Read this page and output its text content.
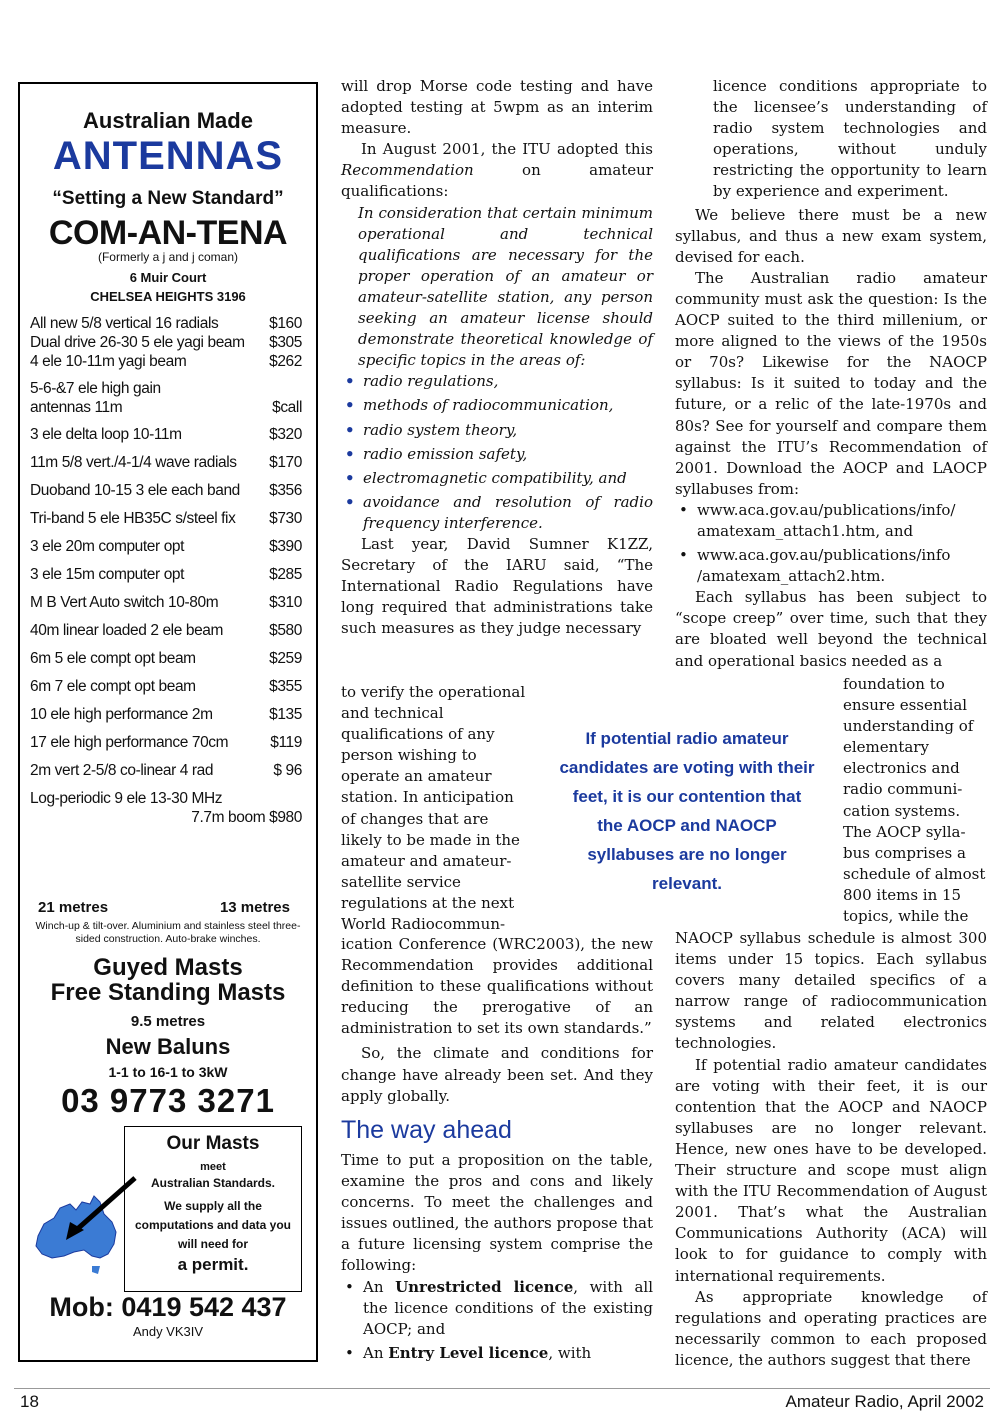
Australian Made
ANTENNAS
“Setting a New Standard”
COM-AN-TENA
(Formerly a j and j coman)
6 Muir Court
CHELSEA HEIGHTS 3196
All new 5/8 vertical 16 radials	$160
Dual drive 26-30 5 ele yagi beam	$305
4 ele 10-11m yagi beam	$262
5-6-&7 ele high gain antennas 11m	$call
3 ele delta loop 10-11m	$320
11m 5/8 vert./4-1/4 wave radials	$170
Duoband 10-15 3 ele each band	$356
Tri-band 5 ele HB35C s/steel fix	$730
3 ele 20m computer opt	$390
3 ele 15m computer opt	$285
M B Vert Auto switch 10-80m	$310
40m linear loaded 2 ele beam	$580
6m 5 ele compt opt beam	$259
6m 7 ele compt opt beam	$355
10 ele high performance 2m	$135
17 ele high performance 70cm	$119
2m vert 2-5/8 co-linear 4 rad	$ 96
Log-periodic 9 ele 13-30 MHz
7.7m boom $980
21 metres	13 metres
Winch-up & tilt-over. Aluminium and stainless steel three-sided construction. Auto-brake winches.
Guyed Masts
Free Standing Masts
9.5 metres
New Baluns
1-1 to 16-1 to 3kW
03 9773 3271
Our Masts
meet
Australian Standards.
We supply all the computations and data you will need for
a permit.
Mob: 0419 542 437
Andy VK3IV

will drop Morse code testing and have adopted testing at 5wpm as an interim measure.

In August 2001, the ITU adopted this Recommendation on amateur qualifications:

In consideration that certain minimum operational and technical qualifications are necessary for the proper operation of an amateur or amateur-satellite station, any person seeking an amateur license should demonstrate theoretical knowledge of specific topics in the areas of:

• radio regulations,
• methods of radiocommunication,
• radio system theory,
• radio emission safety,
• electromagnetic compatibility, and
• avoidance and resolution of radio frequency interference.

Last year, David Sumner K1ZZ, Secretary of the IARU said, “The International Radio Regulations have long required that administrations take such measures as they judge necessary

to verify the operational and technical qualifications of any person wishing to operate an amateur station. In anticipation of changes that are likely to be made in the amateur and amateur-satellite service regulations at the next World Radiocommun-

ication Conference (WRC2003), the new Recommendation provides additional definition to these qualifications without reducing the prerogative of an administration to set its own standards.”

So, the climate and conditions for change have already been set. And they apply globally.

The way ahead

Time to put a proposition on the table, examine the pros and cons and likely concerns. To meet the challenges and issues outlined, the authors propose that a future licensing system comprise the following:

• An Unrestricted licence, with all the licence conditions of the existing AOCP; and
• An Entry Level licence, with
If potential radio amateur candidates are voting with their feet, it is our contention that the AOCP and NAOCP syllabuses are no longer relevant.

licence conditions appropriate to the licensee’s understanding of radio system technologies and operations, without unduly restricting the opportunity to learn by experience and experiment.

We believe there must be a new syllabus, and thus a new exam system, devised for each.

The Australian radio amateur community must ask the question: Is the AOCP suited to the third millenium, or more aligned to the views of the 1950s or 70s? Likewise for the NAOCP syllabus: Is it suited to today and the future, or a relic of the late-1970s and 80s? See for yourself and compare them against the ITU’s Recommendation of 2001. Download the AOCP and LAOCP syllabuses from:

• www.aca.gov.au/publications/info/ amatexam_attach1.htm, and
• www.aca.gov.au/publications/info /amatexam_attach2.htm.

Each syllabus has been subject to “scope creep” over time, such that they are bloated well beyond the technical and operational basics needed as a

foundation to ensure essential understanding of elementary electronics and radio communi-cation systems. The AOCP sylla-bus comprises a schedule of almost 800 items in 15 topics, while the

NAOCP syllabus schedule is almost 300 items under 15 topics. Each syllabus covers many detailed specifics of a narrow range of radiocommunication systems and related electronics technologies.

If potential radio amateur candidates are voting with their feet, it is our contention that the AOCP and NAOCP syllabuses are no longer relevant. Hence, new ones have to be developed. Their structure and scope must align with the ITU Recommendation of August 2001. That’s what the Australian Communications Authority (ACA) will look to for guidance to comply with international requirements.

As appropriate knowledge of regulations and operating practices are necessarily common to each proposed licence, the authors suggest that there

18	Amateur Radio, April 2002
